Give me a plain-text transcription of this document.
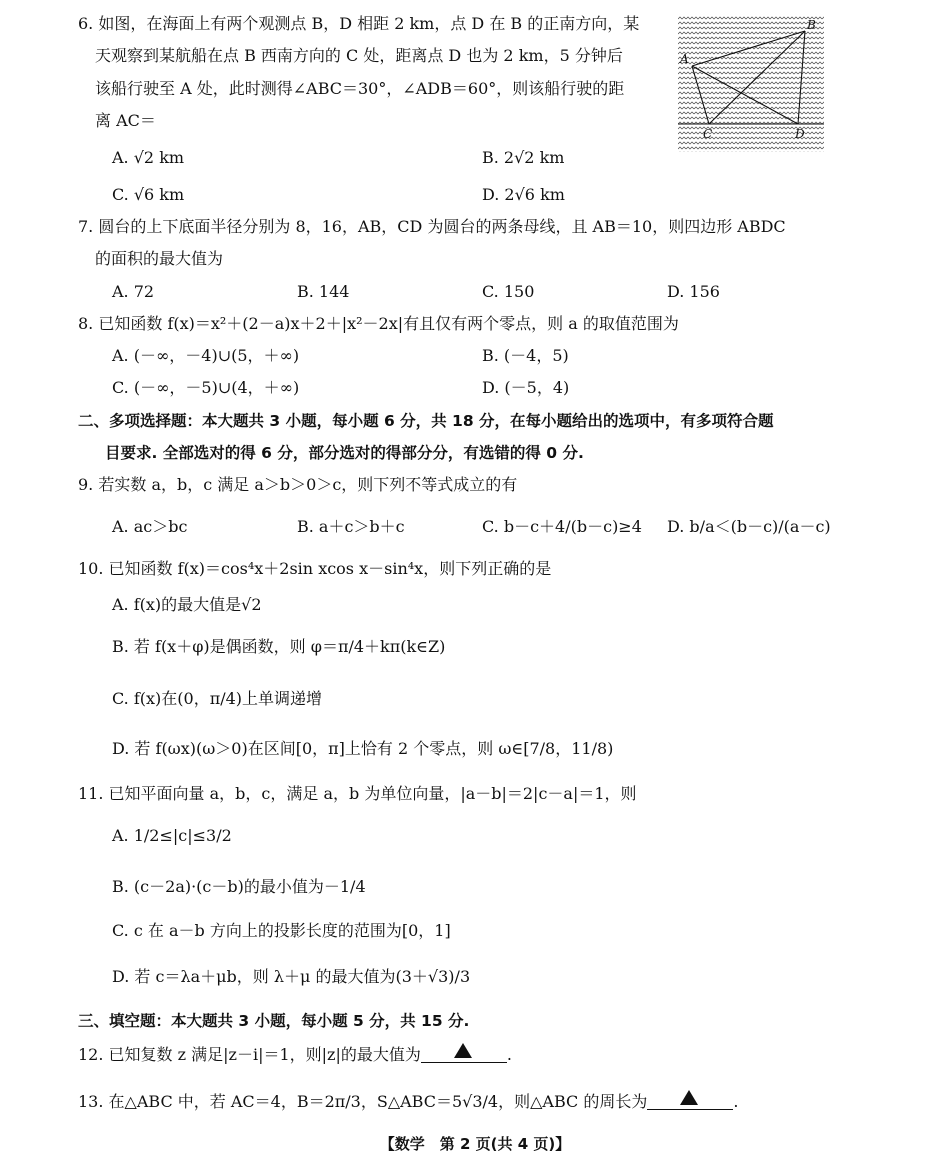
B
A
C	D
6. 如图，在海面上有两个观测点 B，D 相距 2 km，点 D 在 B 的正南方向，某
天观察到某航船在点 B 西南方向的 C 处，距离点 D 也为 2 km，5 分钟后
该船行驶至 A 处，此时测得∠ABC＝30°，∠ADB＝60°，则该船行驶的距
离 AC＝
A. √2 km	B. 2√2 km
C. √6 km	D. 2√6 km
7. 圆台的上下底面半径分别为 8，16，AB，CD 为圆台的两条母线，且 AB＝10，则四边形 ABDC
的面积的最大值为
A. 72	B. 144	C. 150	D. 156
8. 已知函数 f(x)＝x²＋(2－a)x＋2＋|x²－2x|有且仅有两个零点，则 a 的取值范围为
A. (－∞，－4)∪(5，＋∞)	B. (－4，5)
C. (－∞，－5)∪(4，＋∞)	D. (－5，4)
二、多项选择题：本大题共 3 小题，每小题 6 分，共 18 分，在每小题给出的选项中，有多项符合题
目要求. 全部选对的得 6 分，部分选对的得部分分，有选错的得 0 分.
9. 若实数 a，b，c 满足 a＞b＞0＞c，则下列不等式成立的有
A. ac＞bc	B. a＋c＞b＋c	C. b－c＋4/(b－c)≥4 D. b/a＜(b－c)/(a－c)
10. 已知函数 f(x)＝cos⁴x＋2sin xcos x－sin⁴x，则下列正确的是
A. f(x)的最大值是√2
B. 若 f(x＋φ)是偶函数，则 φ＝π/4＋kπ(k∈Z)
C. f(x)在(0，π/4)上单调递增
D. 若 f(ωx)(ω＞0)在区间[0，π]上恰有 2 个零点，则 ω∈[7/8，11/8)
11. 已知平面向量 a，b，c，满足 a，b 为单位向量，|a－b|＝2|c－a|＝1，则
A. 1/2≤|c|≤3/2
B. (c－2a)·(c－b)的最小值为－1/4
C. c 在 a－b 方向上的投影长度的范围为[0，1]
D. 若 c＝λa＋μb，则 λ＋μ 的最大值为(3＋√3)/3
三、填空题：本大题共 3 小题，每小题 5 分，共 15 分.
12. 已知复数 z 满足|z－i|＝1，则|z|的最大值为	.
13. 在△ABC 中，若 AC＝4，B＝2π/3，S△ABC＝5√3/4，则△ABC 的周长为	.
【数学　第 2 页(共 4 页)】
